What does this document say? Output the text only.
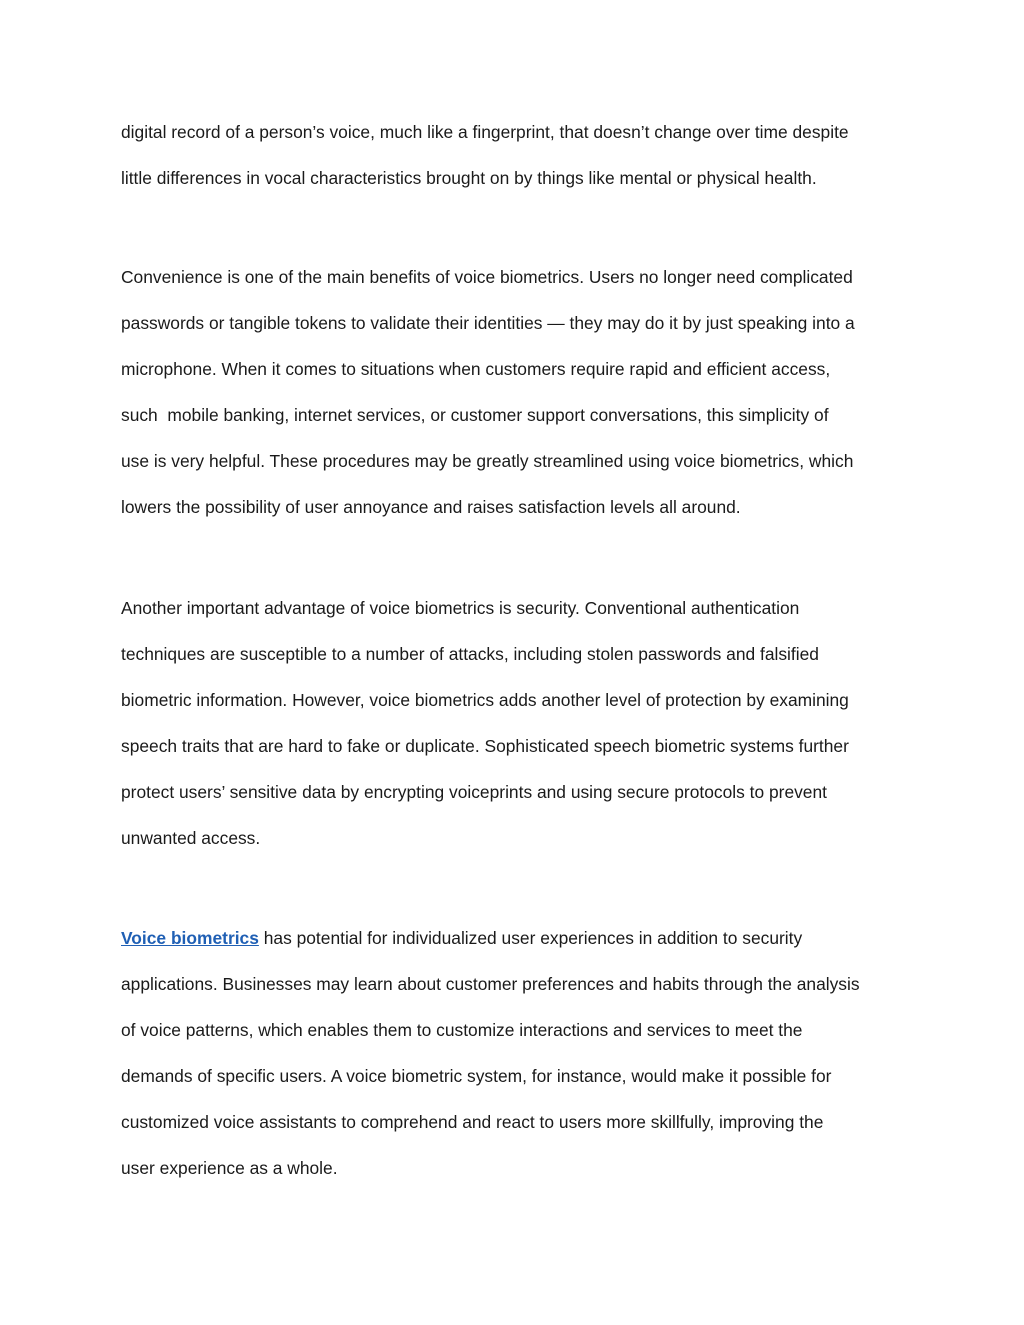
digital record of a person’s voice, much like a fingerprint, that doesn’t change over time despite
little differences in vocal characteristics brought on by things like mental or physical health.
Convenience is one of the main benefits of voice biometrics. Users no longer need complicated
passwords or tangible tokens to validate their identities — they may do it by just speaking into a
microphone. When it comes to situations when customers require rapid and efficient access,
such  mobile banking, internet services, or customer support conversations, this simplicity of
use is very helpful. These procedures may be greatly streamlined using voice biometrics, which
lowers the possibility of user annoyance and raises satisfaction levels all around.
Another important advantage of voice biometrics is security. Conventional authentication
techniques are susceptible to a number of attacks, including stolen passwords and falsified
biometric information. However, voice biometrics adds another level of protection by examining
speech traits that are hard to fake or duplicate. Sophisticated speech biometric systems further
protect users’ sensitive data by encrypting voiceprints and using secure protocols to prevent
unwanted access.
Voice biometrics has potential for individualized user experiences in addition to security
applications. Businesses may learn about customer preferences and habits through the analysis
of voice patterns, which enables them to customize interactions and services to meet the
demands of specific users. A voice biometric system, for instance, would make it possible for
customized voice assistants to comprehend and react to users more skillfully, improving the
user experience as a whole.
